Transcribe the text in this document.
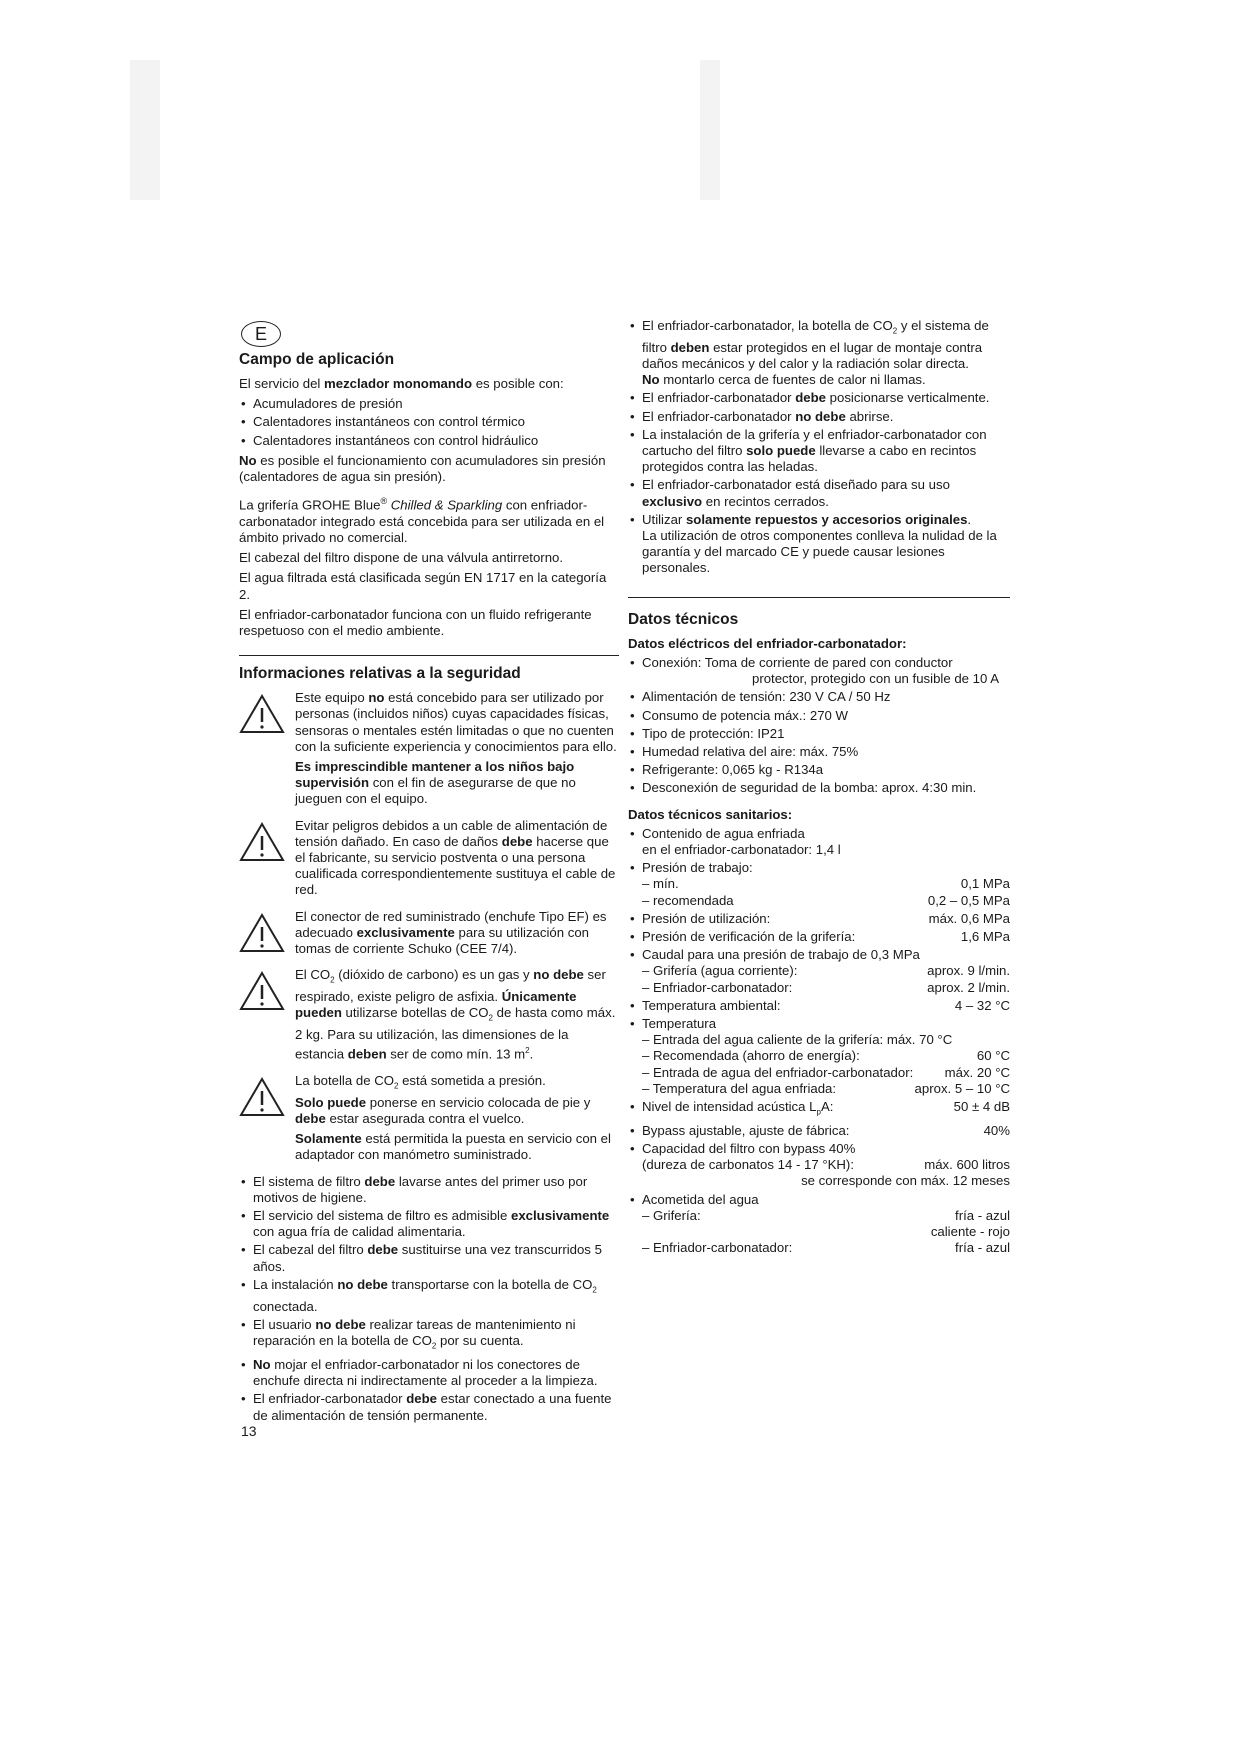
E
Campo de aplicación

El servicio del mezclador monomando es posible con:

• Acumuladores de presión
• Calentadores instantáneos con control térmico
• Calentadores instantáneos con control hidráulico

No es posible el funcionamiento con acumuladores sin presión (calentadores de agua sin presión).

La grifería GROHE Blue® Chilled & Sparkling con enfriador-carbonatador integrado está concebida para ser utilizada en el ámbito privado no comercial.

El cabezal del filtro dispone de una válvula antirretorno.

El agua filtrada está clasificada según EN 1717 en la categoría 2.

El enfriador-carbonatador funciona con un fluido refrigerante respetuoso con el medio ambiente.

Informaciones relativas a la seguridad

Este equipo no está concebido para ser utilizado por personas (incluidos niños) cuyas capacidades físicas, sensoras o mentales estén limitadas o que no cuenten con la suficiente experiencia y conocimientos para ello.

Es imprescindible mantener a los niños bajo supervisión con el fin de asegurarse de que no jueguen con el equipo.

Evitar peligros debidos a un cable de alimentación de tensión dañado. En caso de daños debe hacerse que el fabricante, su servicio postventa o una persona cualificada correspondientemente sustituya el cable de red.

El conector de red suministrado (enchufe Tipo EF) es adecuado exclusivamente para su utilización con tomas de corriente Schuko (CEE 7/4).

El $CO_2$ (dióxido de carbono) es un gas y no debe ser respirado, existe peligro de asfixia. Únicamente pueden utilizarse botellas de $CO_2$ de hasta como máx. 2 kg. Para su utilización, las dimensiones de la estancia deben ser de como mín. 13 $m^2$.

La botella de $CO_2$ está sometida a presión.
Solo puede ponerse en servicio colocada de pie y debe estar asegurada contra el vuelco.

Solamente está permitida la puesta en servicio con el adaptador con manómetro suministrado.

• El sistema de filtro debe lavarse antes del primer uso por motivos de higiene.
• El servicio del sistema de filtro es admisible exclusivamente con agua fría de calidad alimentaria.
• El cabezal del filtro debe sustituirse una vez transcurridos 5 años.
• La instalación no debe transportarse con la botella de $CO_2$ conectada.
• El usuario no debe realizar tareas de mantenimiento ni reparación en la botella de $CO_2$ por su cuenta.
• No mojar el enfriador-carbonatador ni los conectores de enchufe directa ni indirectamente al proceder a la limpieza.
• El enfriador-carbonatador debe estar conectado a una fuente de alimentación de tensión permanente.
• El enfriador-carbonatador, la botella de $CO_2$ y el sistema de filtro deben estar protegidos en el lugar de montaje contra daños mecánicos y del calor y la radiación solar directa.
No montarlo cerca de fuentes de calor ni llamas.
• El enfriador-carbonatador debe posicionarse verticalmente.
• El enfriador-carbonatador no debe abrirse.
• La instalación de la grifería y el enfriador-carbonatador con cartucho del filtro solo puede llevarse a cabo en recintos protegidos contra las heladas.
• El enfriador-carbonatador está diseñado para su uso exclusivo en recintos cerrados.
• Utilizar solamente repuestos y accesorios originales.
La utilización de otros componentes conlleva la nulidad de la garantía y del marcado CE y puede causar lesiones personales.
Datos técnicos
Datos eléctricos del enfriador-carbonatador:
• Conexión: Toma de corriente de pared con conductor
protector, protegido con un fusible de 10 A
• Alimentación de tensión: 230 V CA / 50 Hz
• Consumo de potencia máx.: 270 W
• Tipo de protección: IP21
• Humedad relativa del aire: máx. 75%
• Refrigerante: 0,065 kg - R134a
• Desconexión de seguridad de la bomba: aprox. 4:30 min.
Datos técnicos sanitarios:
• Contenido de agua enfriada
en el enfriador-carbonatador: 1,4 l
• Presión de trabajo:
– mín.	0,1 MPa
– recomendada	0,2 – 0,5 MPa
• Presión de utilización:	máx. 0,6 MPa
• Presión de verificación de la grifería:	1,6 MPa
• Caudal para una presión de trabajo de 0,3 MPa
– Grifería (agua corriente):	aprox. 9 l/min.
– Enfriador-carbonatador:	aprox. 2 l/min.
• Temperatura ambiental:	4 – 32 °C
• Temperatura
– Entrada del agua caliente de la grifería: máx. 70 °C
– Recomendada (ahorro de energía):	60 °C
– Entrada de agua del enfriador-carbonatador: máx. 20 °C
– Temperatura del agua enfriada:	aprox. 5 – 10 °C
• Nivel de intensidad acústica $L_pA$:	50 ± 4 dB
• Bypass ajustable, ajuste de fábrica:	40%
• Capacidad del filtro con bypass 40%
(dureza de carbonatos 14 - 17 °KH):	máx. 600 litros
se corresponde con máx. 12 meses
• Acometida del agua
– Grifería:	fría - azul
caliente - rojo
– Enfriador-carbonatador:	fría - azul
13
